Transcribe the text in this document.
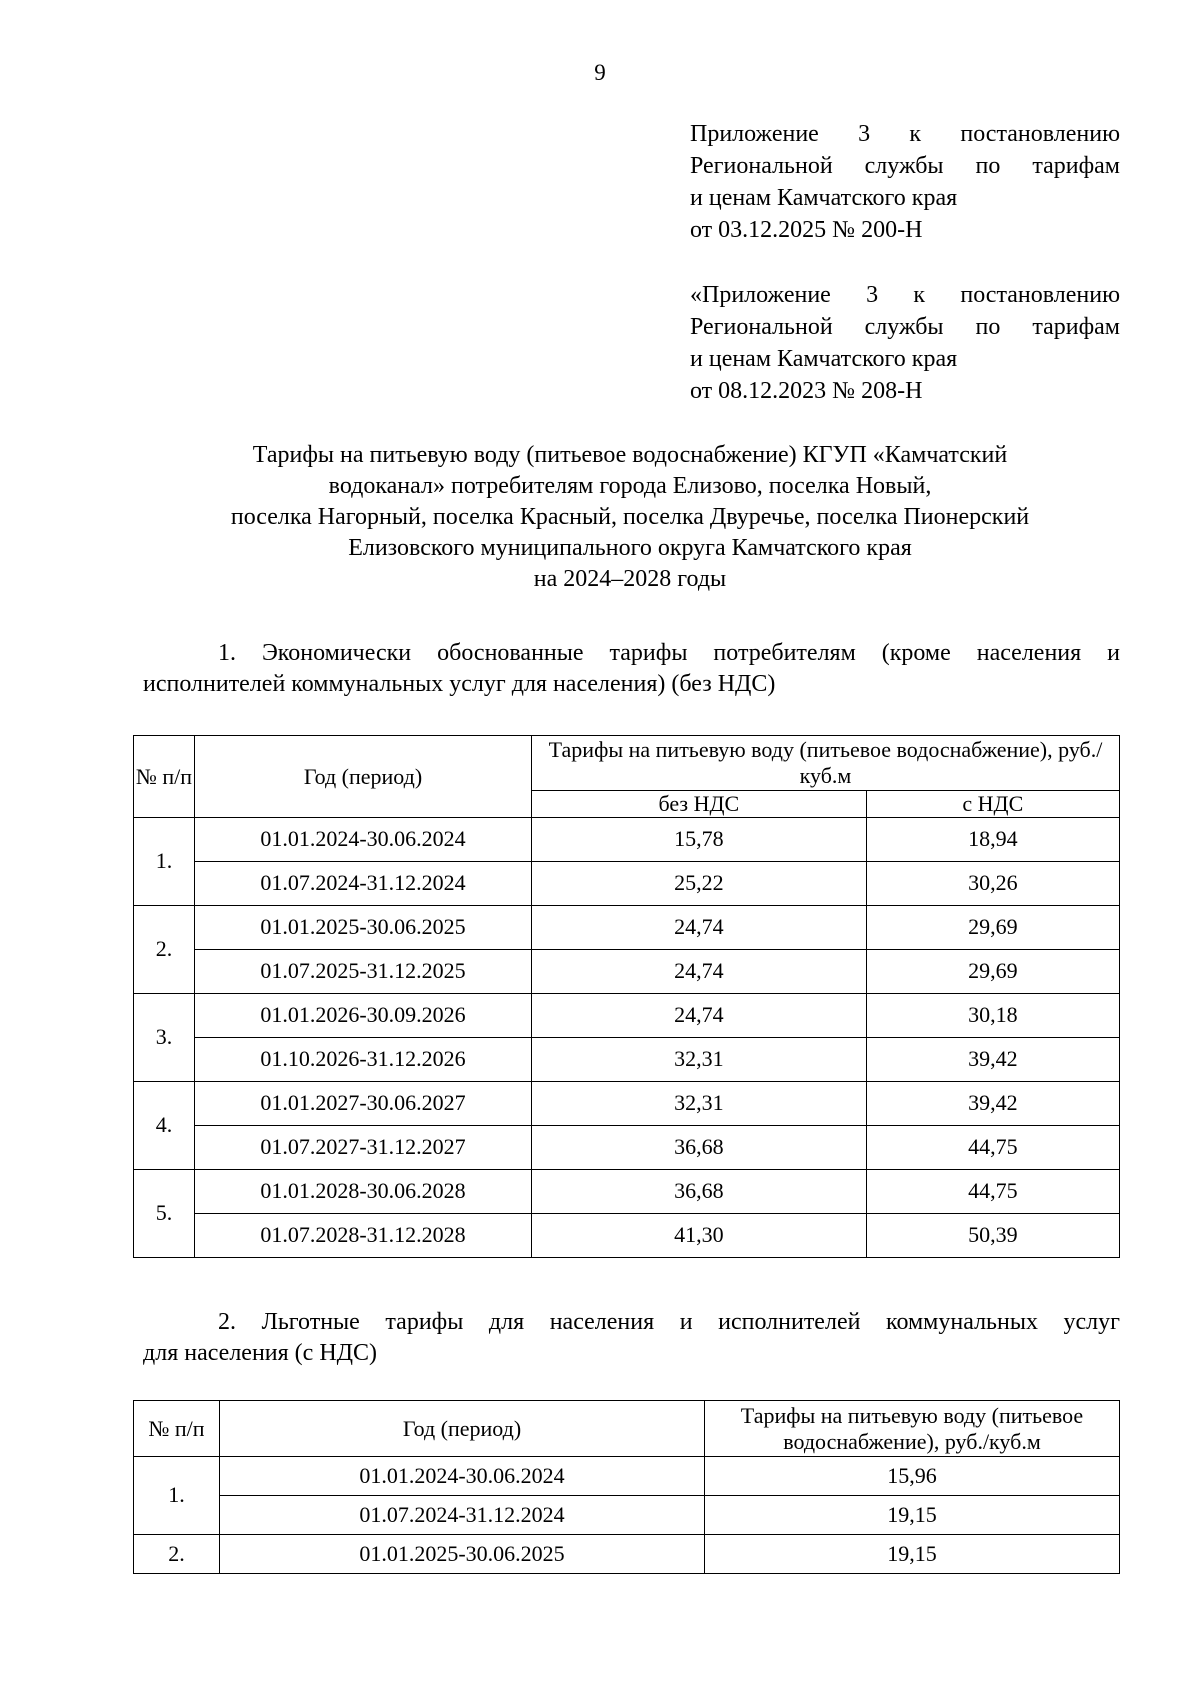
9
Приложение 3 к постановлению
Региональной службы по тарифам
и ценам Камчатского края
от 03.12.2025 № 200-Н
«Приложение 3 к постановлению
Региональной службы по тарифам
и ценам Камчатского края
от 08.12.2023 № 208-Н
Тарифы на питьевую воду (питьевое водоснабжение) КГУП «Камчатский
водоканал» потребителям города Елизово, поселка Новый,
поселка Нагорный, поселка Красный, поселка Двуречье, поселка Пионерский
Елизовского муниципального округа Камчатского края
на 2024–2028 годы
1. Экономически обоснованные тарифы потребителям (кроме населения и
исполнителей коммунальных услуг для населения) (без НДС)
№ п/п	Год (период)	Тарифы на питьевую воду (питьевое водоснабжение), руб./куб.м	
		без НДС	с НДС
1.	01.01.2024-30.06.2024	15,78	18,94
	01.07.2024-31.12.2024	25,22	30,26
2.	01.01.2025-30.06.2025	24,74	29,69
	01.07.2025-31.12.2025	24,74	29,69
3.	01.01.2026-30.09.2026	24,74	30,18
	01.10.2026-31.12.2026	32,31	39,42
4.	01.01.2027-30.06.2027	32,31	39,42
	01.07.2027-31.12.2027	36,68	44,75
5.	01.01.2028-30.06.2028	36,68	44,75
	01.07.2028-31.12.2028	41,30	50,39
2. Льготные тарифы для населения и исполнителей коммунальных услуг
для населения (с НДС)
№ п/п	Год (период)	Тарифы на питьевую воду (питьевое водоснабжение), руб./куб.м
1.	01.01.2024-30.06.2024	15,96
	01.07.2024-31.12.2024	19,15
2.	01.01.2025-30.06.2025	19,15
